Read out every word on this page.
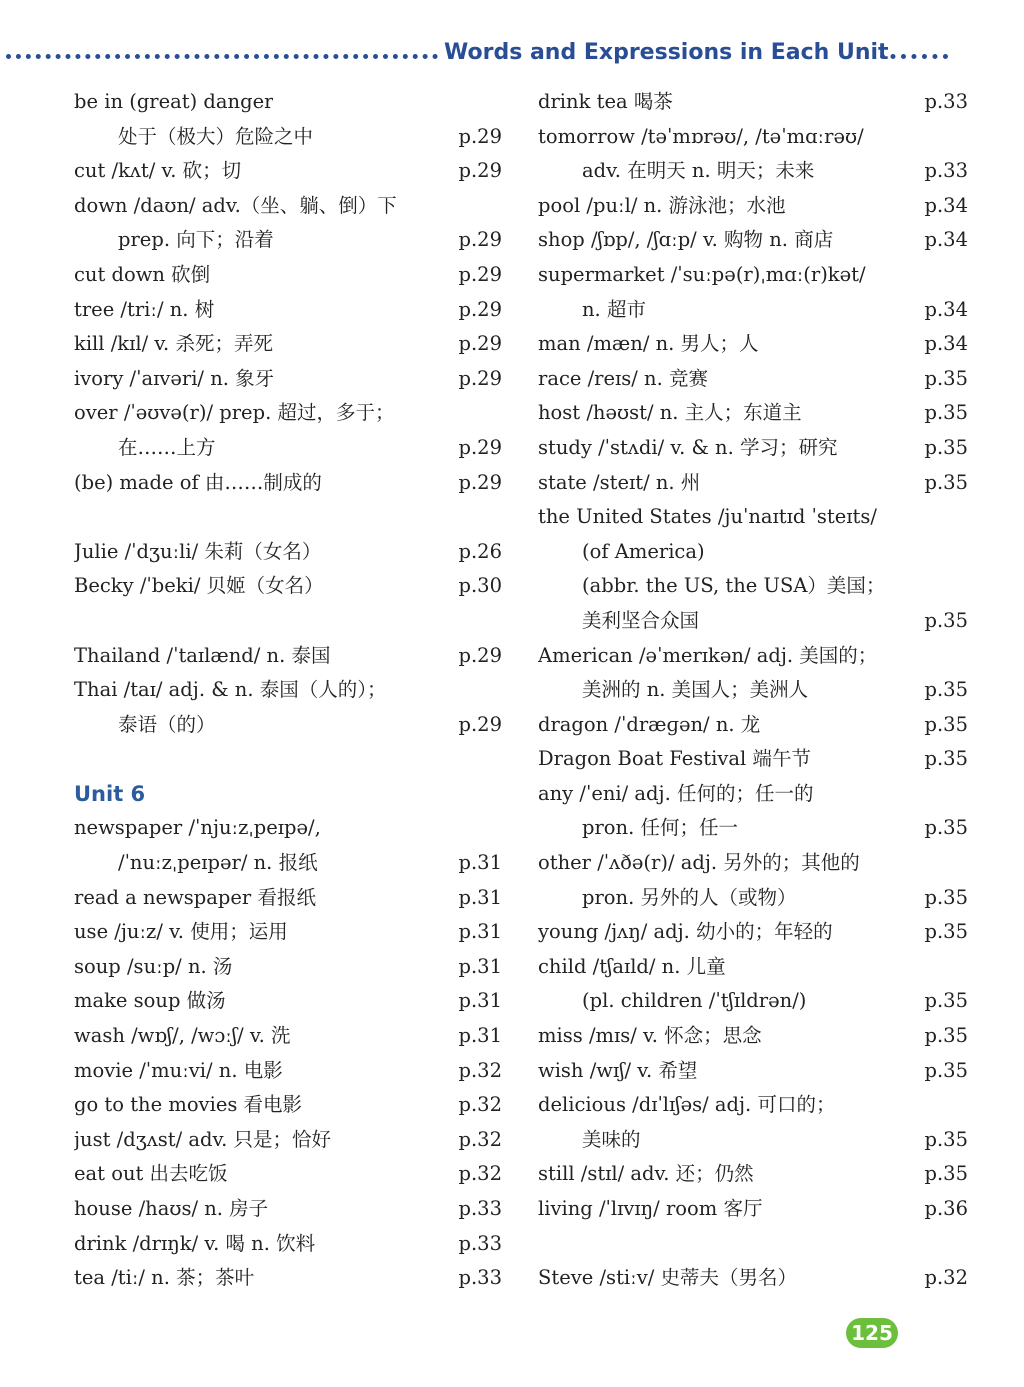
Words and Expressions in Each Unit
be in (great) danger
处于（极大）危险之中	p.29
cut /kʌt/ v. 砍；切	p.29
down /daʊn/ adv.（坐、躺、倒）下
prep. 向下；沿着	p.29
cut down 砍倒	p.29
tree /triː/ n. 树	p.29
kill /kɪl/ v. 杀死；弄死	p.29
ivory /ˈaɪvəri/ n. 象牙	p.29
over /ˈəʊvə(r)/ prep. 超过，多于；
在……上方	p.29
(be) made of 由……制成的	p.29
Julie /ˈdʒuːli/ 朱莉（女名）	p.26
Becky /ˈbeki/ 贝姬（女名）	p.30
Thailand /ˈtaɪlænd/ n. 泰国	p.29
Thai /taɪ/ adj. & n. 泰国（人的）；
泰语（的）	p.29
Unit 6
newspaper /ˈnjuːzˌpeɪpə/,
/ˈnuːzˌpeɪpər/ n. 报纸	p.31
read a newspaper 看报纸	p.31
use /juːz/ v. 使用；运用	p.31
soup /suːp/ n. 汤	p.31
make soup 做汤	p.31
wash /wɒʃ/, /wɔːʃ/ v. 洗	p.31
movie /ˈmuːvi/ n. 电影	p.32
go to the movies 看电影	p.32
just /dʒʌst/ adv. 只是；恰好	p.32
eat out 出去吃饭	p.32
house /haʊs/ n. 房子	p.33
drink /drɪŋk/ v. 喝 n. 饮料	p.33
tea /tiː/ n. 茶；茶叶	p.33
drink tea 喝茶	p.33
tomorrow /təˈmɒrəʊ/, /təˈmɑːrəʊ/
adv. 在明天 n. 明天；未来	p.33
pool /puːl/ n. 游泳池；水池	p.34
shop /ʃɒp/, /ʃɑːp/ v. 购物 n. 商店	p.34
supermarket /ˈsuːpə(r)ˌmɑː(r)kət/
n. 超市	p.34
man /mæn/ n. 男人；人	p.34
race /reɪs/ n. 竞赛	p.35
host /həʊst/ n. 主人；东道主	p.35
study /ˈstʌdi/ v. & n. 学习；研究	p.35
state /steɪt/ n. 州	p.35
the United States /juˈnaɪtɪd ˈsteɪts/
(of America)
(abbr. the US, the USA）美国；
美利坚合众国	p.35
American /əˈmerɪkən/ adj. 美国的；
美洲的 n. 美国人；美洲人	p.35
dragon /ˈdræɡən/ n. 龙	p.35
Dragon Boat Festival 端午节	p.35
any /ˈeni/ adj. 任何的；任一的
pron. 任何；任一	p.35
other /ˈʌðə(r)/ adj. 另外的；其他的
pron. 另外的人（或物）	p.35
young /jʌŋ/ adj. 幼小的；年轻的	p.35
child /tʃaɪld/ n. 儿童
(pl. children /ˈtʃɪldrən/)	p.35
miss /mɪs/ v. 怀念；思念	p.35
wish /wɪʃ/ v. 希望	p.35
delicious /dɪˈlɪʃəs/ adj. 可口的；
美味的	p.35
still /stɪl/ adv. 还；仍然	p.35
living /ˈlɪvɪŋ/ room 客厅	p.36
Steve /stiːv/ 史蒂夫（男名）	p.32
125
